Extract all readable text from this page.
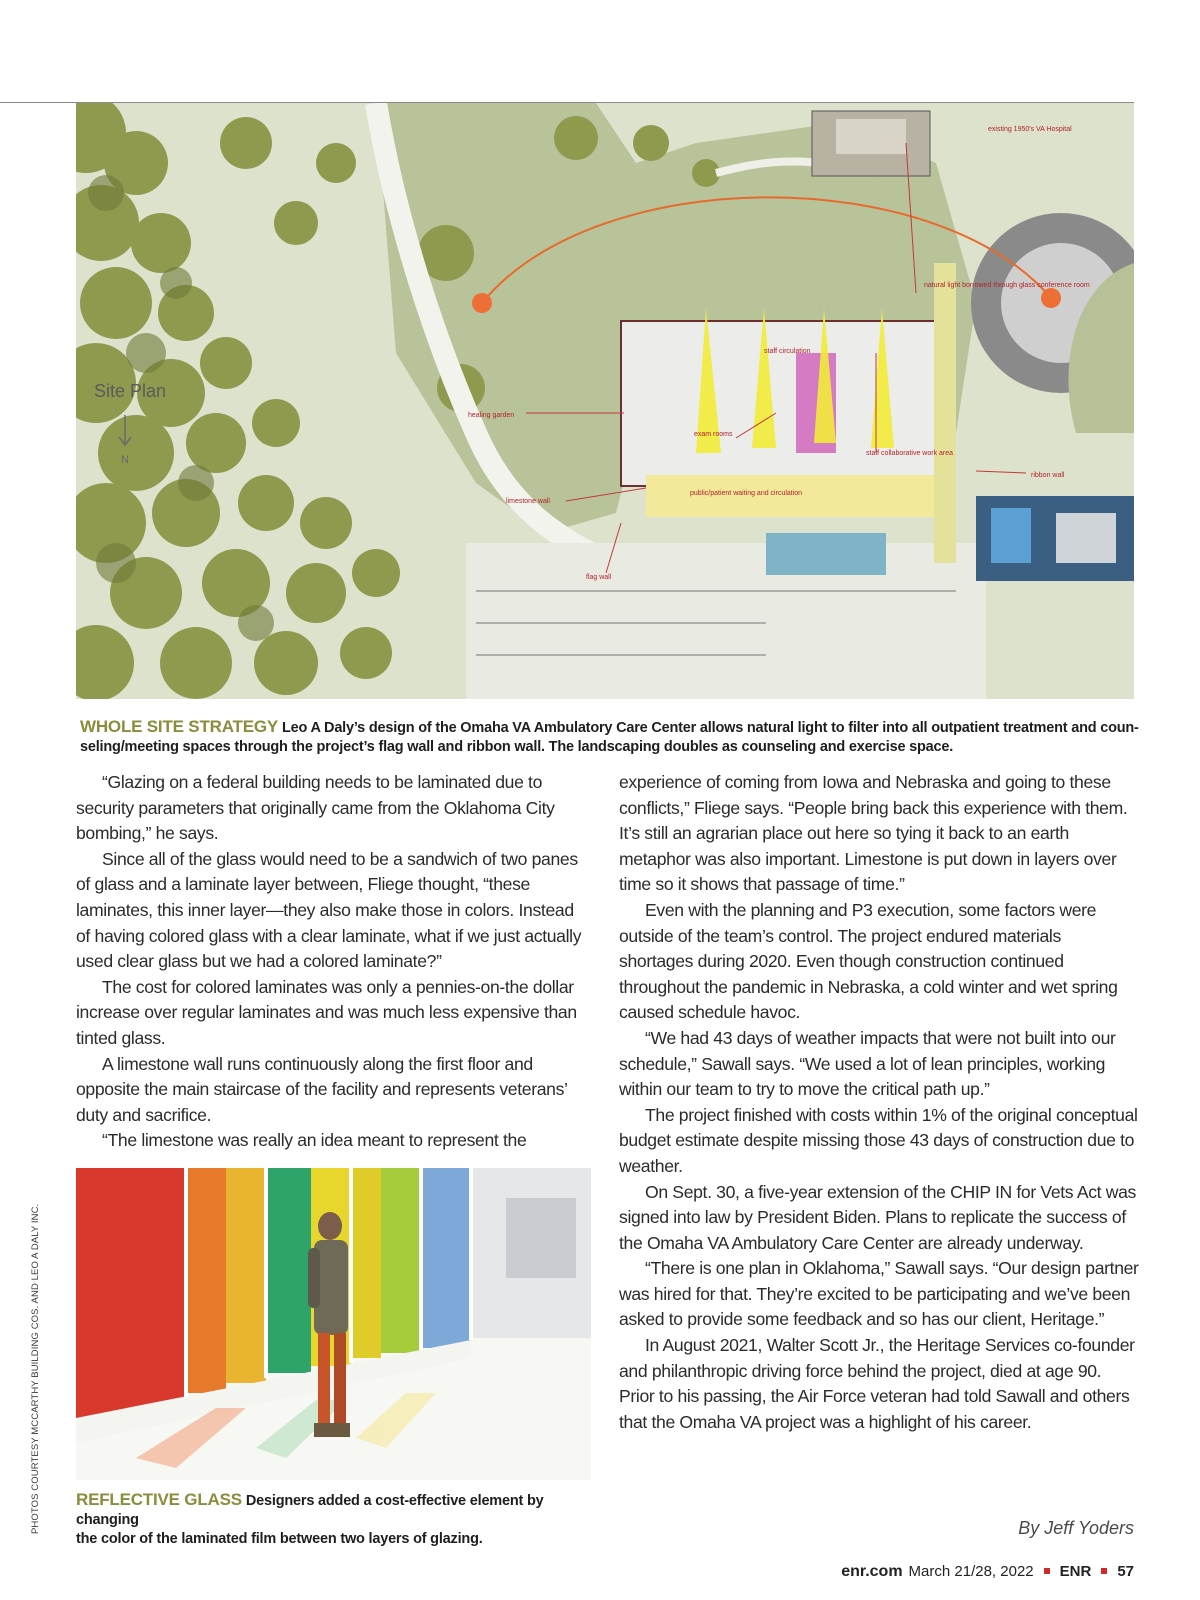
Site Plan
N
existing 1950's VA Hospital
natural light borrowed through glass conference room
staff circulation
healing garden
exam rooms
staff collaborative work area
ribbon wall
limestone wall
public/patient waiting and circulation
flag wall
WHOLE SITE STRATEGY Leo A Daly’s design of the Omaha VA Ambulatory Care Center allows natural light to filter into all outpatient treatment and coun-
seling/meeting spaces through the project’s flag wall and ribbon wall. The landscaping doubles as counseling and exercise space.

“Glazing on a federal building needs to be laminated due to security parameters that originally came from the Oklahoma City bombing,” he says.

Since all of the glass would need to be a sandwich of two panes of glass and a laminate layer between, Fliege thought, “these laminates, this inner layer—they also make those in colors. Instead of having colored glass with a clear laminate, what if we just actually used clear glass but we had a colored laminate?”

The cost for colored laminates was only a pennies-on-the dollar increase over regular laminates and was much less expensive than tinted glass.

A limestone wall runs continuously along the first floor and opposite the main staircase of the facility and represents veterans’ duty and sacrifice.

“The limestone was really an idea meant to represent the

REFLECTIVE GLASS Designers added a cost-effective element by changing
the color of the laminated film between two layers of glazing.

experience of coming from Iowa and Nebraska and going to these conflicts,” Fliege says. “People bring back this experience with them. It’s still an agrarian place out here so tying it back to an earth metaphor was also important. Limestone is put down in layers over time so it shows that passage of time.”

Even with the planning and P3 execution, some factors were outside of the team’s control. The project endured materials shortages during 2020. Even though construction continued throughout the pandemic in Nebraska, a cold winter and wet spring caused schedule havoc.

“We had 43 days of weather impacts that were not built into our schedule,” Sawall says. “We used a lot of lean principles, working within our team to try to move the critical path up.”

The project finished with costs within 1% of the original conceptual budget estimate despite missing those 43 days of construction due to weather.

On Sept. 30, a five-year extension of the CHIP IN for Vets Act was signed into law by President Biden. Plans to replicate the success of the Omaha VA Ambulatory Care Center are already underway.

“There is one plan in Oklahoma,” Sawall says. “Our design partner was hired for that. They’re excited to be participating and we’ve been asked to provide some feedback and so has our client, Heritage.”

In August 2021, Walter Scott Jr., the Heritage Services co-founder and philanthropic driving force behind the project, died at age 90. Prior to his passing, the Air Force veteran had told Sawall and others that the Omaha VA project was a highlight of his career.

By Jeff Yoders
PHOTOS COURTESY MCCARTHY BUILDING COS. AND LEO A DALY INC.
enr.com March 21/28, 2022 ENR 57
